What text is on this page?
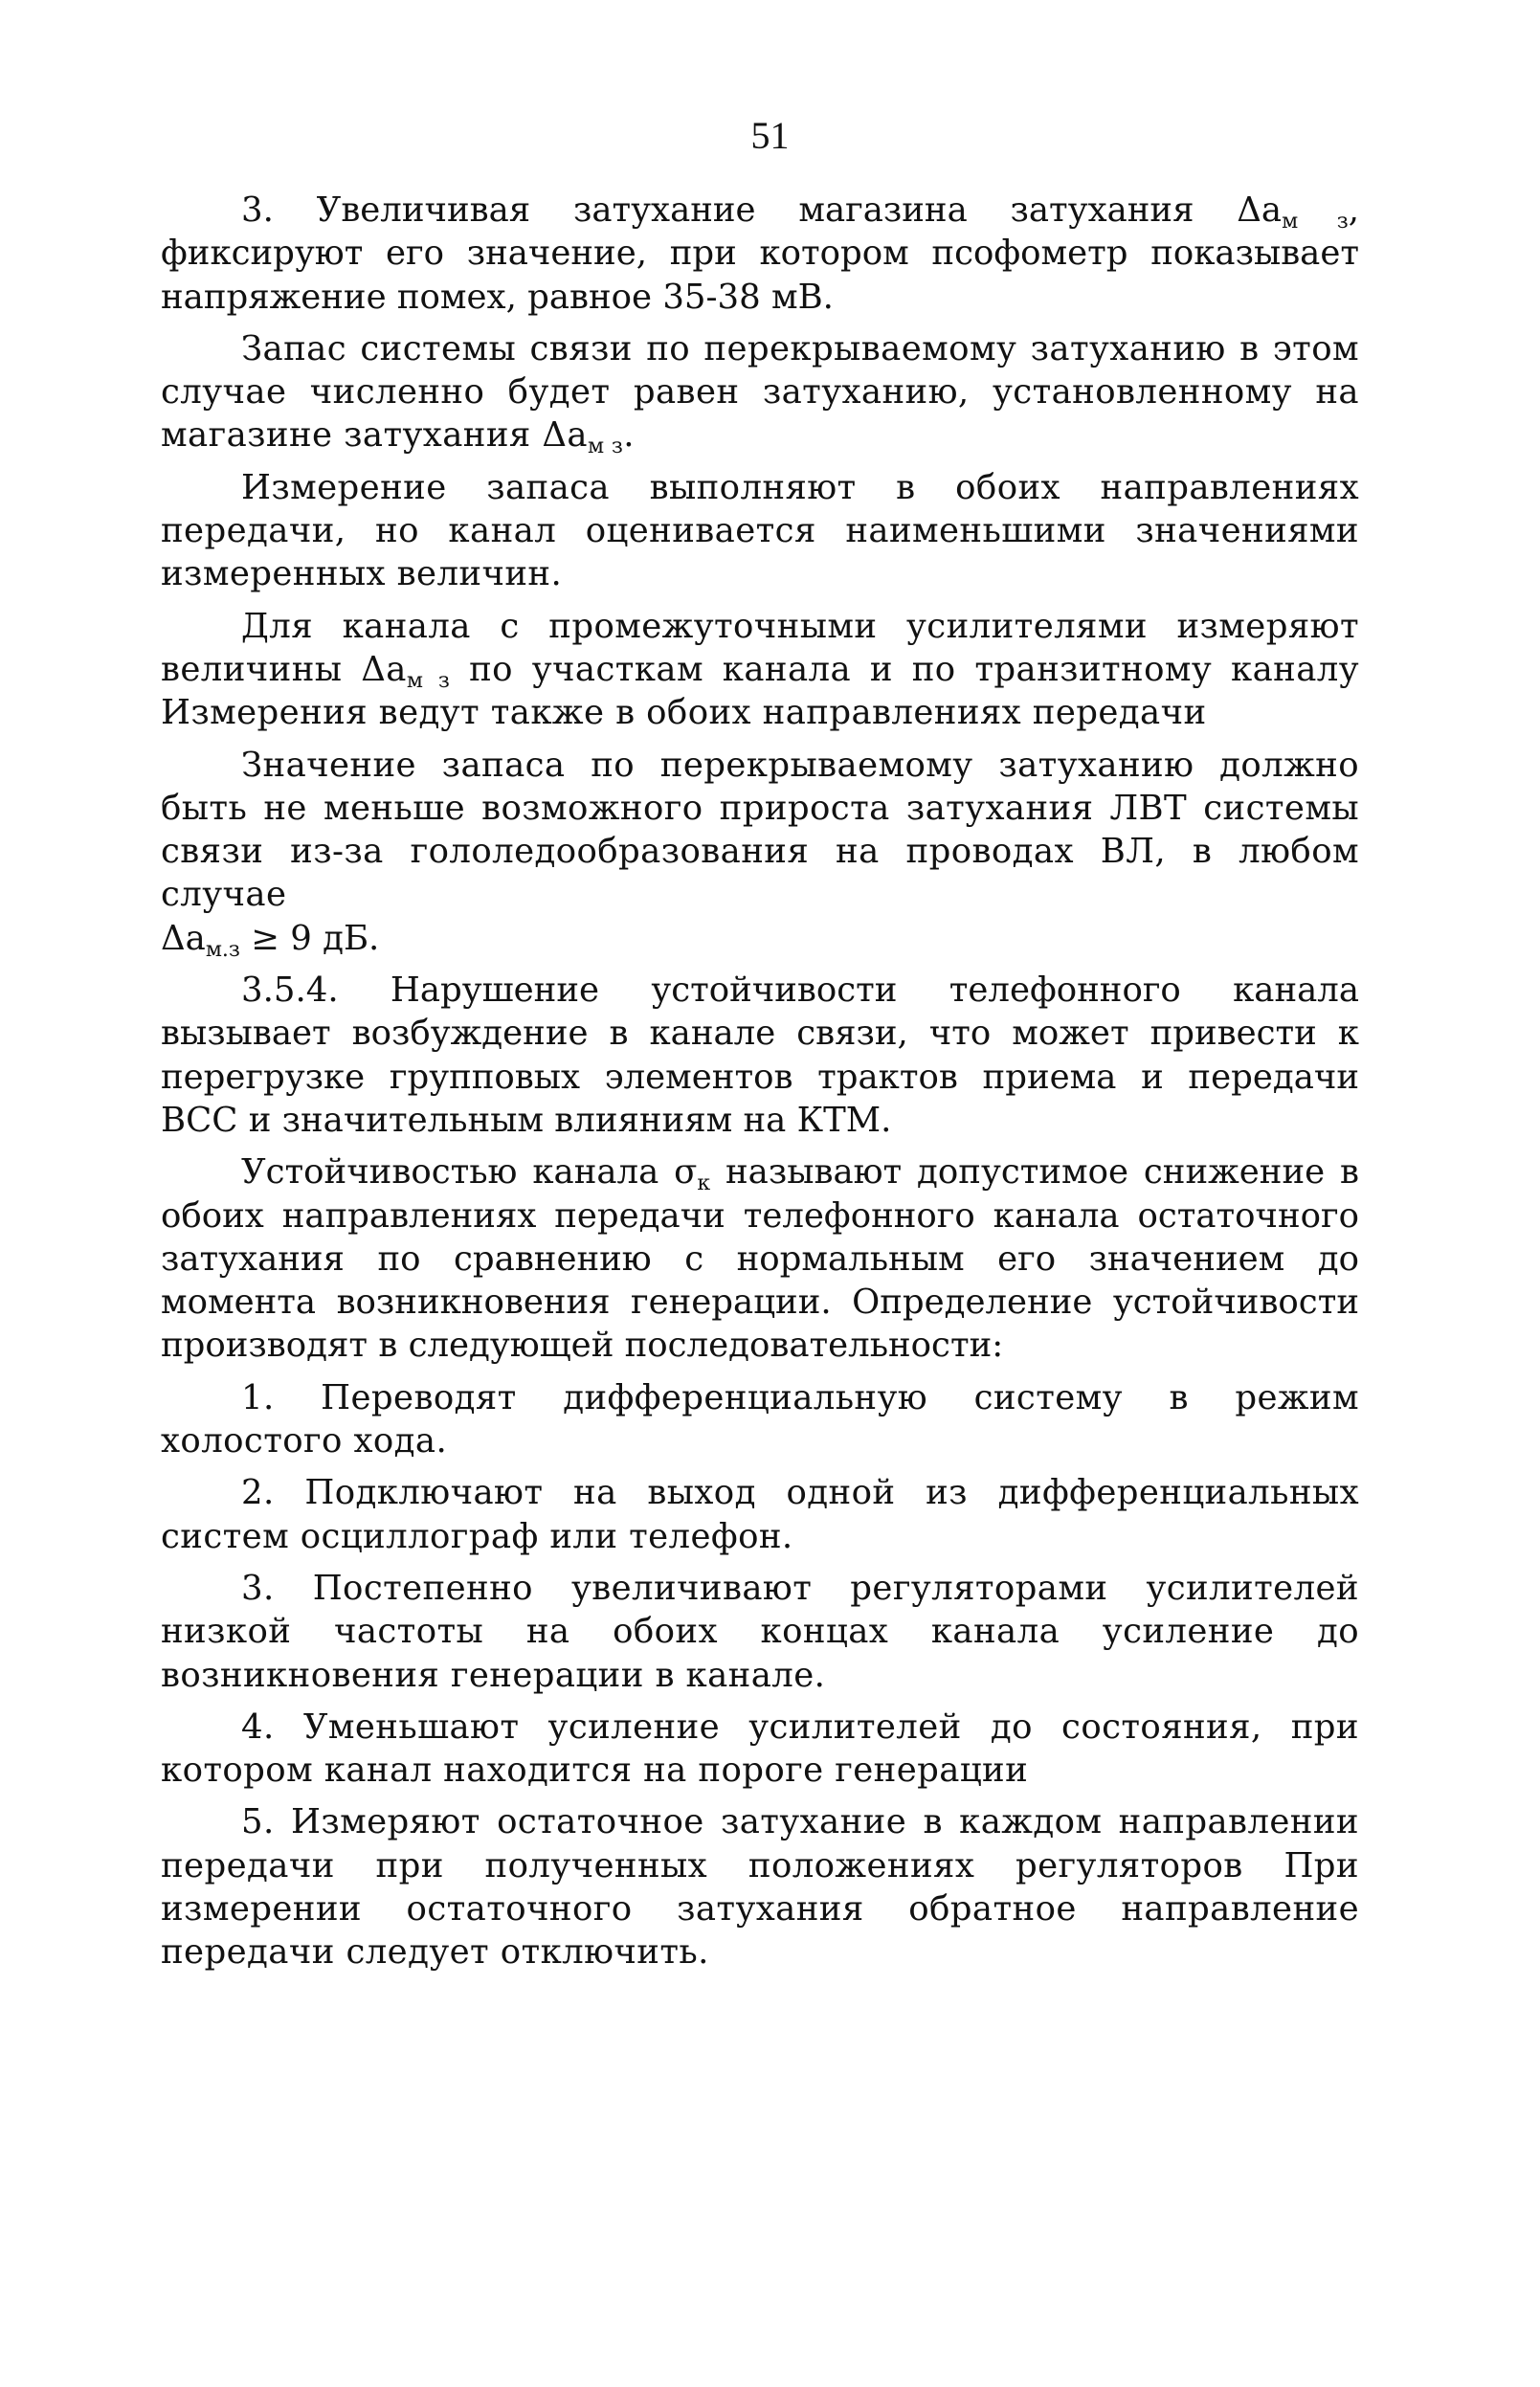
51

3. Увеличивая затухание магазина затухания $\Delta a_{м з}$, фиксируют его значение, при котором псофометр показывает напряжение помех, равное 35-38 мВ.

Запас системы связи по перекрываемому затуханию в этом случае численно будет равен затуханию, установленному на магазине затухания $\Delta a_{м з}$.

Измерение запаса выполняют в обоих направлениях передачи, но канал оценивается наименьшими значениями измеренных величин.

Для канала с промежуточными усилителями измеряют величины $\Delta a_{м з}$ по участкам канала и по транзитному каналу Измерения ведут также в обоих направлениях передачи

Значение запаса по перекрываемому затуханию должно быть не меньше возможного прироста затухания ЛВТ системы связи из-за гололедообразования на проводах ВЛ, в любом случае

$\Delta a_{м.з} \ge 9$ дБ.

3.5.4. Нарушение устойчивости телефонного канала вызывает возбуждение в канале связи, что может привести к перегрузке групповых элементов трактов приема и передачи ВСС и значительным влияниям на КТМ.

Устойчивостью канала $\sigma_к$ называют допустимое снижение в обоих направлениях передачи телефонного канала остаточного затухания по сравнению с нормальным его значением до момента возникновения генерации. Определение устойчивости производят в следующей последовательности:

1. Переводят дифференциальную систему в режим холостого хода.

2. Подключают на выход одной из дифференциальных систем осциллограф или телефон.

3. Постепенно увеличивают регуляторами усилителей низкой частоты на обоих концах канала усиление до возникновения генерации в канале.

4. Уменьшают усиление усилителей до состояния, при котором канал находится на пороге генерации

5. Измеряют остаточное затухание в каждом направлении передачи при полученных положениях регуляторов При измерении остаточного затухания обратное направление передачи следует отключить.
